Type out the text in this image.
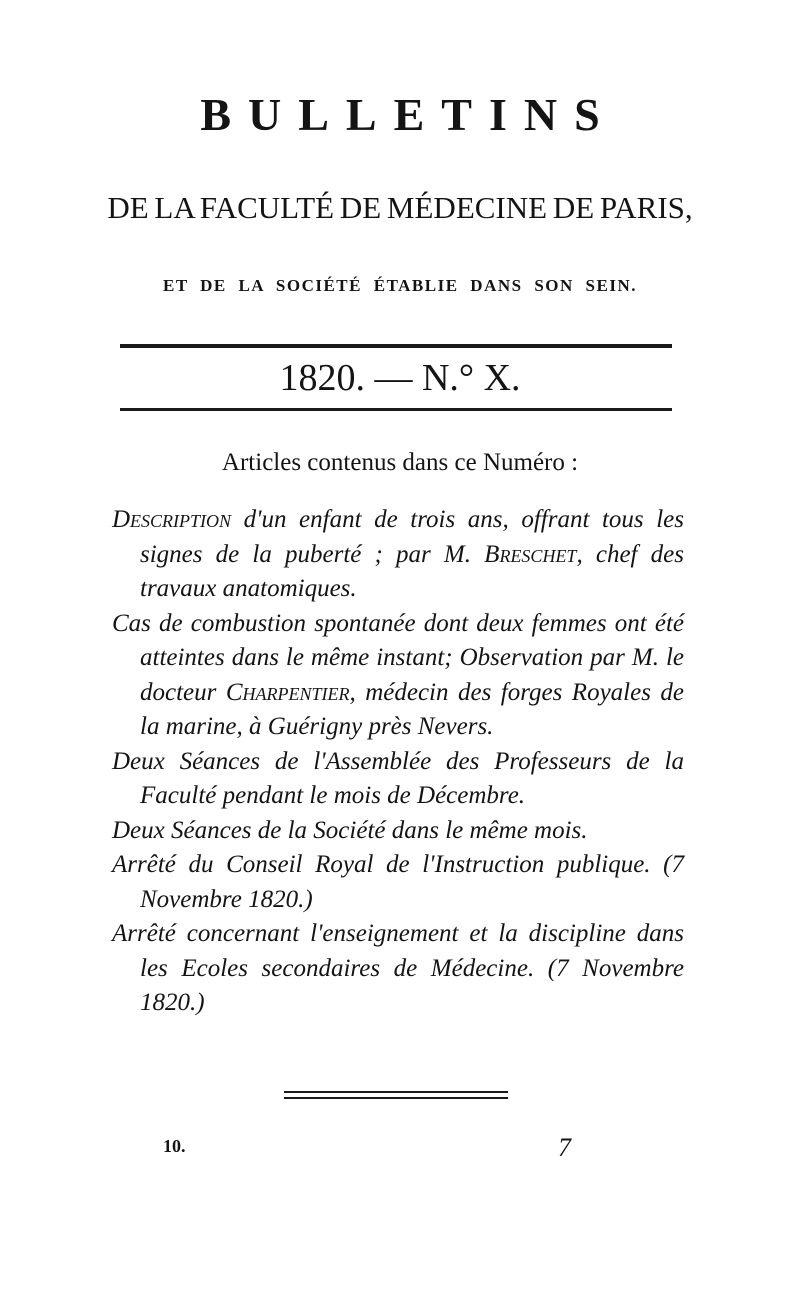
BULLETINS
DE LA FACULTÉ DE MÉDECINE DE PARIS,
ET DE LA SOCIÉTÉ ÉTABLIE DANS SON SEIN.
1820. — N.° X.
Articles contenus dans ce Numéro :
Description d'un enfant de trois ans, offrant tous les signes de la puberté ; par M. Breschet, chef des travaux anatomiques.
Cas de combustion spontanée dont deux femmes ont été atteintes dans le même instant; Observation par M. le docteur Charpentier, médecin des forges Royales de la marine, à Guérigny près Nevers.
Deux Séances de l'Assemblée des Professeurs de la Faculté pendant le mois de Décembre.
Deux Séances de la Société dans le même mois.
Arrêté du Conseil Royal de l'Instruction publique. (7 Novembre 1820.)
Arrêté concernant l'enseignement et la discipline dans les Ecoles secondaires de Médecine. (7 Novembre 1820.)
10.	7
